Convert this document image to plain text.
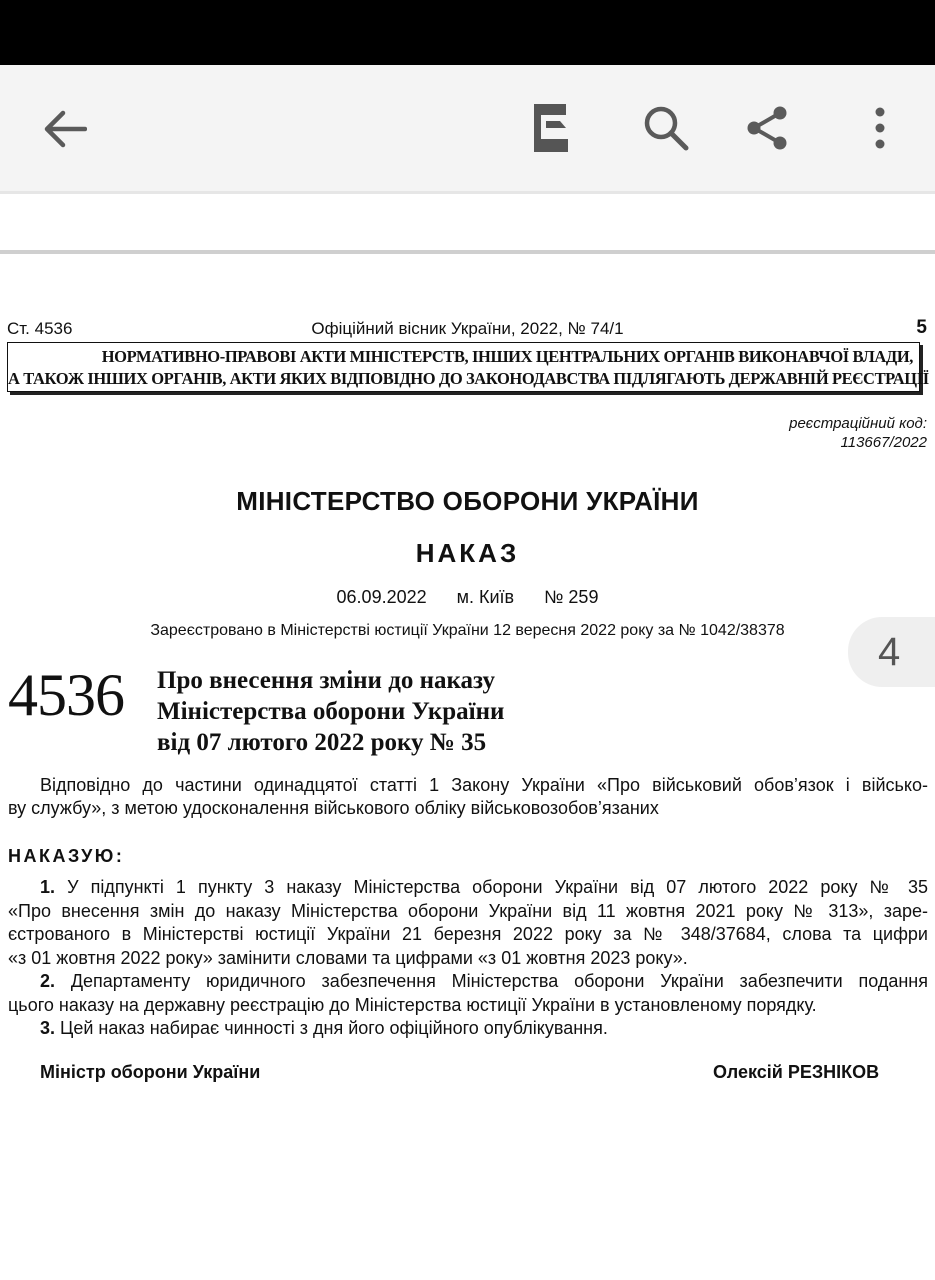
Ст. 4536	Офіційний вісник України, 2022, № 74/1	5
НОРМАТИВНО-ПРАВОВІ АКТИ МІНІСТЕРСТВ, ІНШИХ ЦЕНТРАЛЬНИХ ОРГАНІВ ВИКОНАВЧОЇ ВЛАДИ,
А ТАКОЖ ІНШИХ ОРГАНІВ, АКТИ ЯКИХ ВІДПОВІДНО ДО ЗАКОНОДАВСТВА ПІДЛЯГАЮТЬ ДЕРЖАВНІЙ РЕЄСТРАЦІЇ
реєстраційний код:
113667/2022
МІНІСТЕРСТВО ОБОРОНИ УКРАЇНИ
НАКАЗ
06.09.2022 м. Київ № 259
Зареєстровано в Міністерстві юстиції України 12 вересня 2022 року за № 1042/38378	4
4536 Про внесення зміни до наказу
Міністерства оборони України
від 07 лютого 2022 року № 35
Відповідно до частини одинадцятої статті 1 Закону України «Про військовий обов’язок і військо-
ву службу», з метою удосконалення військового обліку військовозобов’язаних
НАКАЗУЮ:
1. У підпункті 1 пункту 3 наказу Міністерства оборони України від 07 лютого 2022 року № 35
«Про внесення змін до наказу Міністерства оборони України від 11 жовтня 2021 року № 313», заре-
єстрованого в Міністерстві юстиції України 21 березня 2022 року за № 348/37684, слова та цифри
«з 01 жовтня 2022 року» замінити словами та цифрами «з 01 жовтня 2023 року».
2. Департаменту юридичного забезпечення Міністерства оборони України забезпечити подання
цього наказу на державну реєстрацію до Міністерства юстиції України в установленому порядку.
3. Цей наказ набирає чинності з дня його офіційного опублікування.
Міністр оборони України	Олексій РЕЗНІКОВ
